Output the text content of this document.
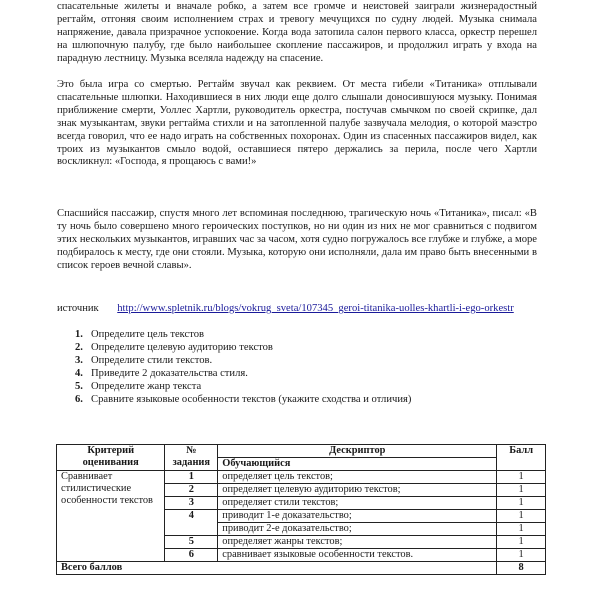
спасательные жилеты и вначале робко, а затем все громче и неистовей заиграли жизнерадостный регтайм, отгоняя своим исполнением страх и тревогу мечущихся по судну людей. Музыка снимала напряжение, давала призрачное успокоение. Когда вода затопила салон первого класса, оркестр перешел на шлюпочную палубу, где было наибольшее скопление пассажиров, и продолжил играть у входа на парадную лестницу. Музыка вселяла надежду на спасение.

Это была игра со смертью. Регтайм звучал как реквием. От места гибели «Титаника» отплывали спасательные шлюпки. Находившиеся в них люди еще долго слышали доносившуюся музыку. Понимая приближение смерти, Уоллес Хартли, руководитель оркестра, постучав смычком по своей скрипке, дал знак музыкантам, звуки регтайма стихли и на затопленной палубе зазвучала мелодия, о которой маэстро всегда говорил, что ее надо играть на собственных похоронах. Один из спасенных пассажиров видел, как троих из музыкантов смыло водой, оставшиеся пятеро держались за перила, после чего Хартли воскликнул: «Господа, я прощаюсь с вами!»

Спасшийся пассажир, спустя много лет вспоминая последнюю, трагическую ночь «Титаника», писал: «В ту ночь было совершено много героических поступков, но ни один из них не мог сравниться с подвигом этих нескольких музыкантов, игравших час за часом, хотя судно погружалось все глубже и глубже, а море подбиралось к месту, где они стояли. Музыка, которую они исполняли, дала им право быть внесенными в список героев вечной славы».

источник http://www.spletnik.ru/blogs/vokrug_sveta/107345_geroi-titanika-uolles-khartli-i-ego-orkestr
1. Определите цель текстов
2. Определите целевую аудиторию текстов
3. Определите стили текстов.
4. Приведите 2 доказательства стиля.
5. Определите жанр текста
6. Сравните языковые особенности текстов (укажите сходства и отличия)
Критерий оценивания	№ задания	Дескриптор	Балл
		Обучающийся	
Сравнивает стилистические особенности текстов	1	определяет цель текстов;	1
	2	определяет целевую аудиторию текстов;	1
	3	определяет стили текстов;	1
	4	приводит 1-е доказательство;	1
		приводит 2-е доказательство;	1
	5	определяет жанры текстов;	1
	6	сравнивает языковые особенности текстов.	1
Всего баллов			8
